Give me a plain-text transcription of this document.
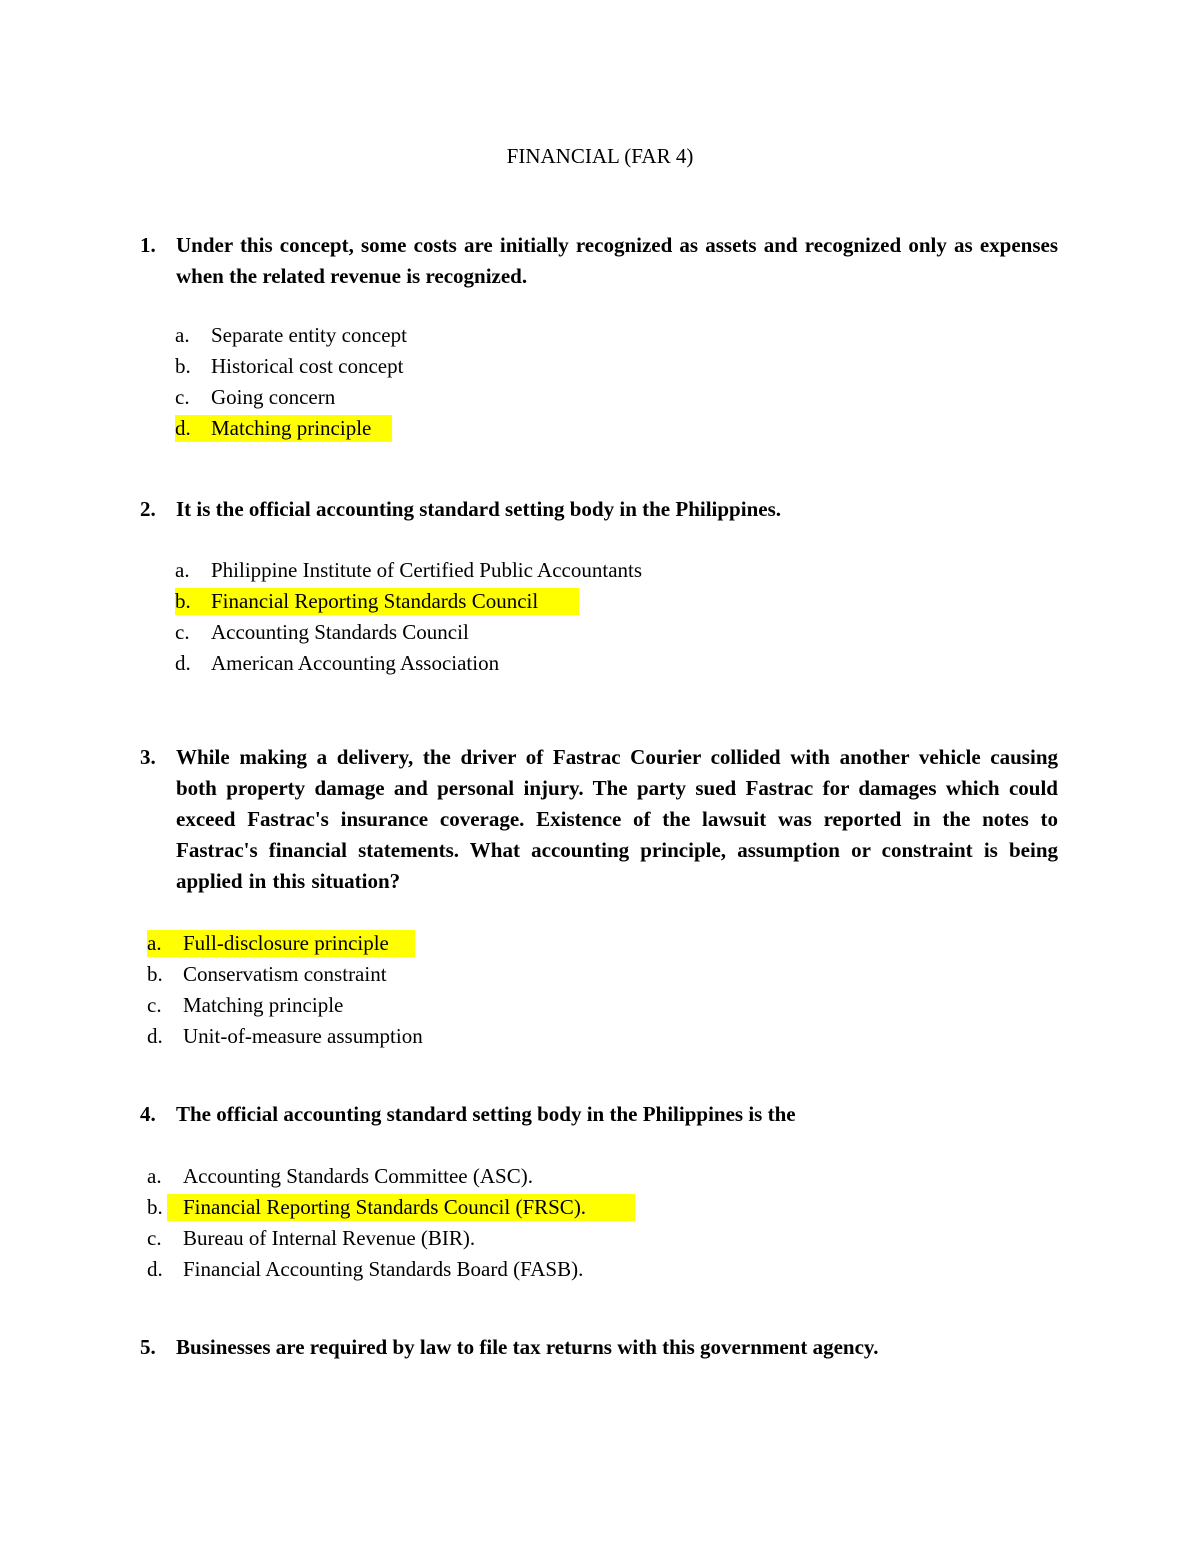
FINANCIAL (FAR 4)
1. Under this concept, some costs are initially recognized as assets and recognized only as expenses when the related revenue is recognized.
a. Separate entity concept
b. Historical cost concept
c. Going concern
d. Matching principle
2. It is the official accounting standard setting body in the Philippines.
a. Philippine Institute of Certified Public Accountants
b. Financial Reporting Standards Council
c. Accounting Standards Council
d. American Accounting Association
3. While making a delivery, the driver of Fastrac Courier collided with another vehicle causing both property damage and personal injury. The party sued Fastrac for damages which could exceed Fastrac's insurance coverage. Existence of the lawsuit was reported in the notes to Fastrac's financial statements. What accounting principle, assumption or constraint is being applied in this situation?
a. Full-disclosure principle
b. Conservatism constraint
c. Matching principle
d. Unit-of-measure assumption
4. The official accounting standard setting body in the Philippines is the
a. Accounting Standards Committee (ASC).
b. Financial Reporting Standards Council (FRSC).
c. Bureau of Internal Revenue (BIR).
d. Financial Accounting Standards Board (FASB).
5. Businesses are required by law to file tax returns with this government agency.
